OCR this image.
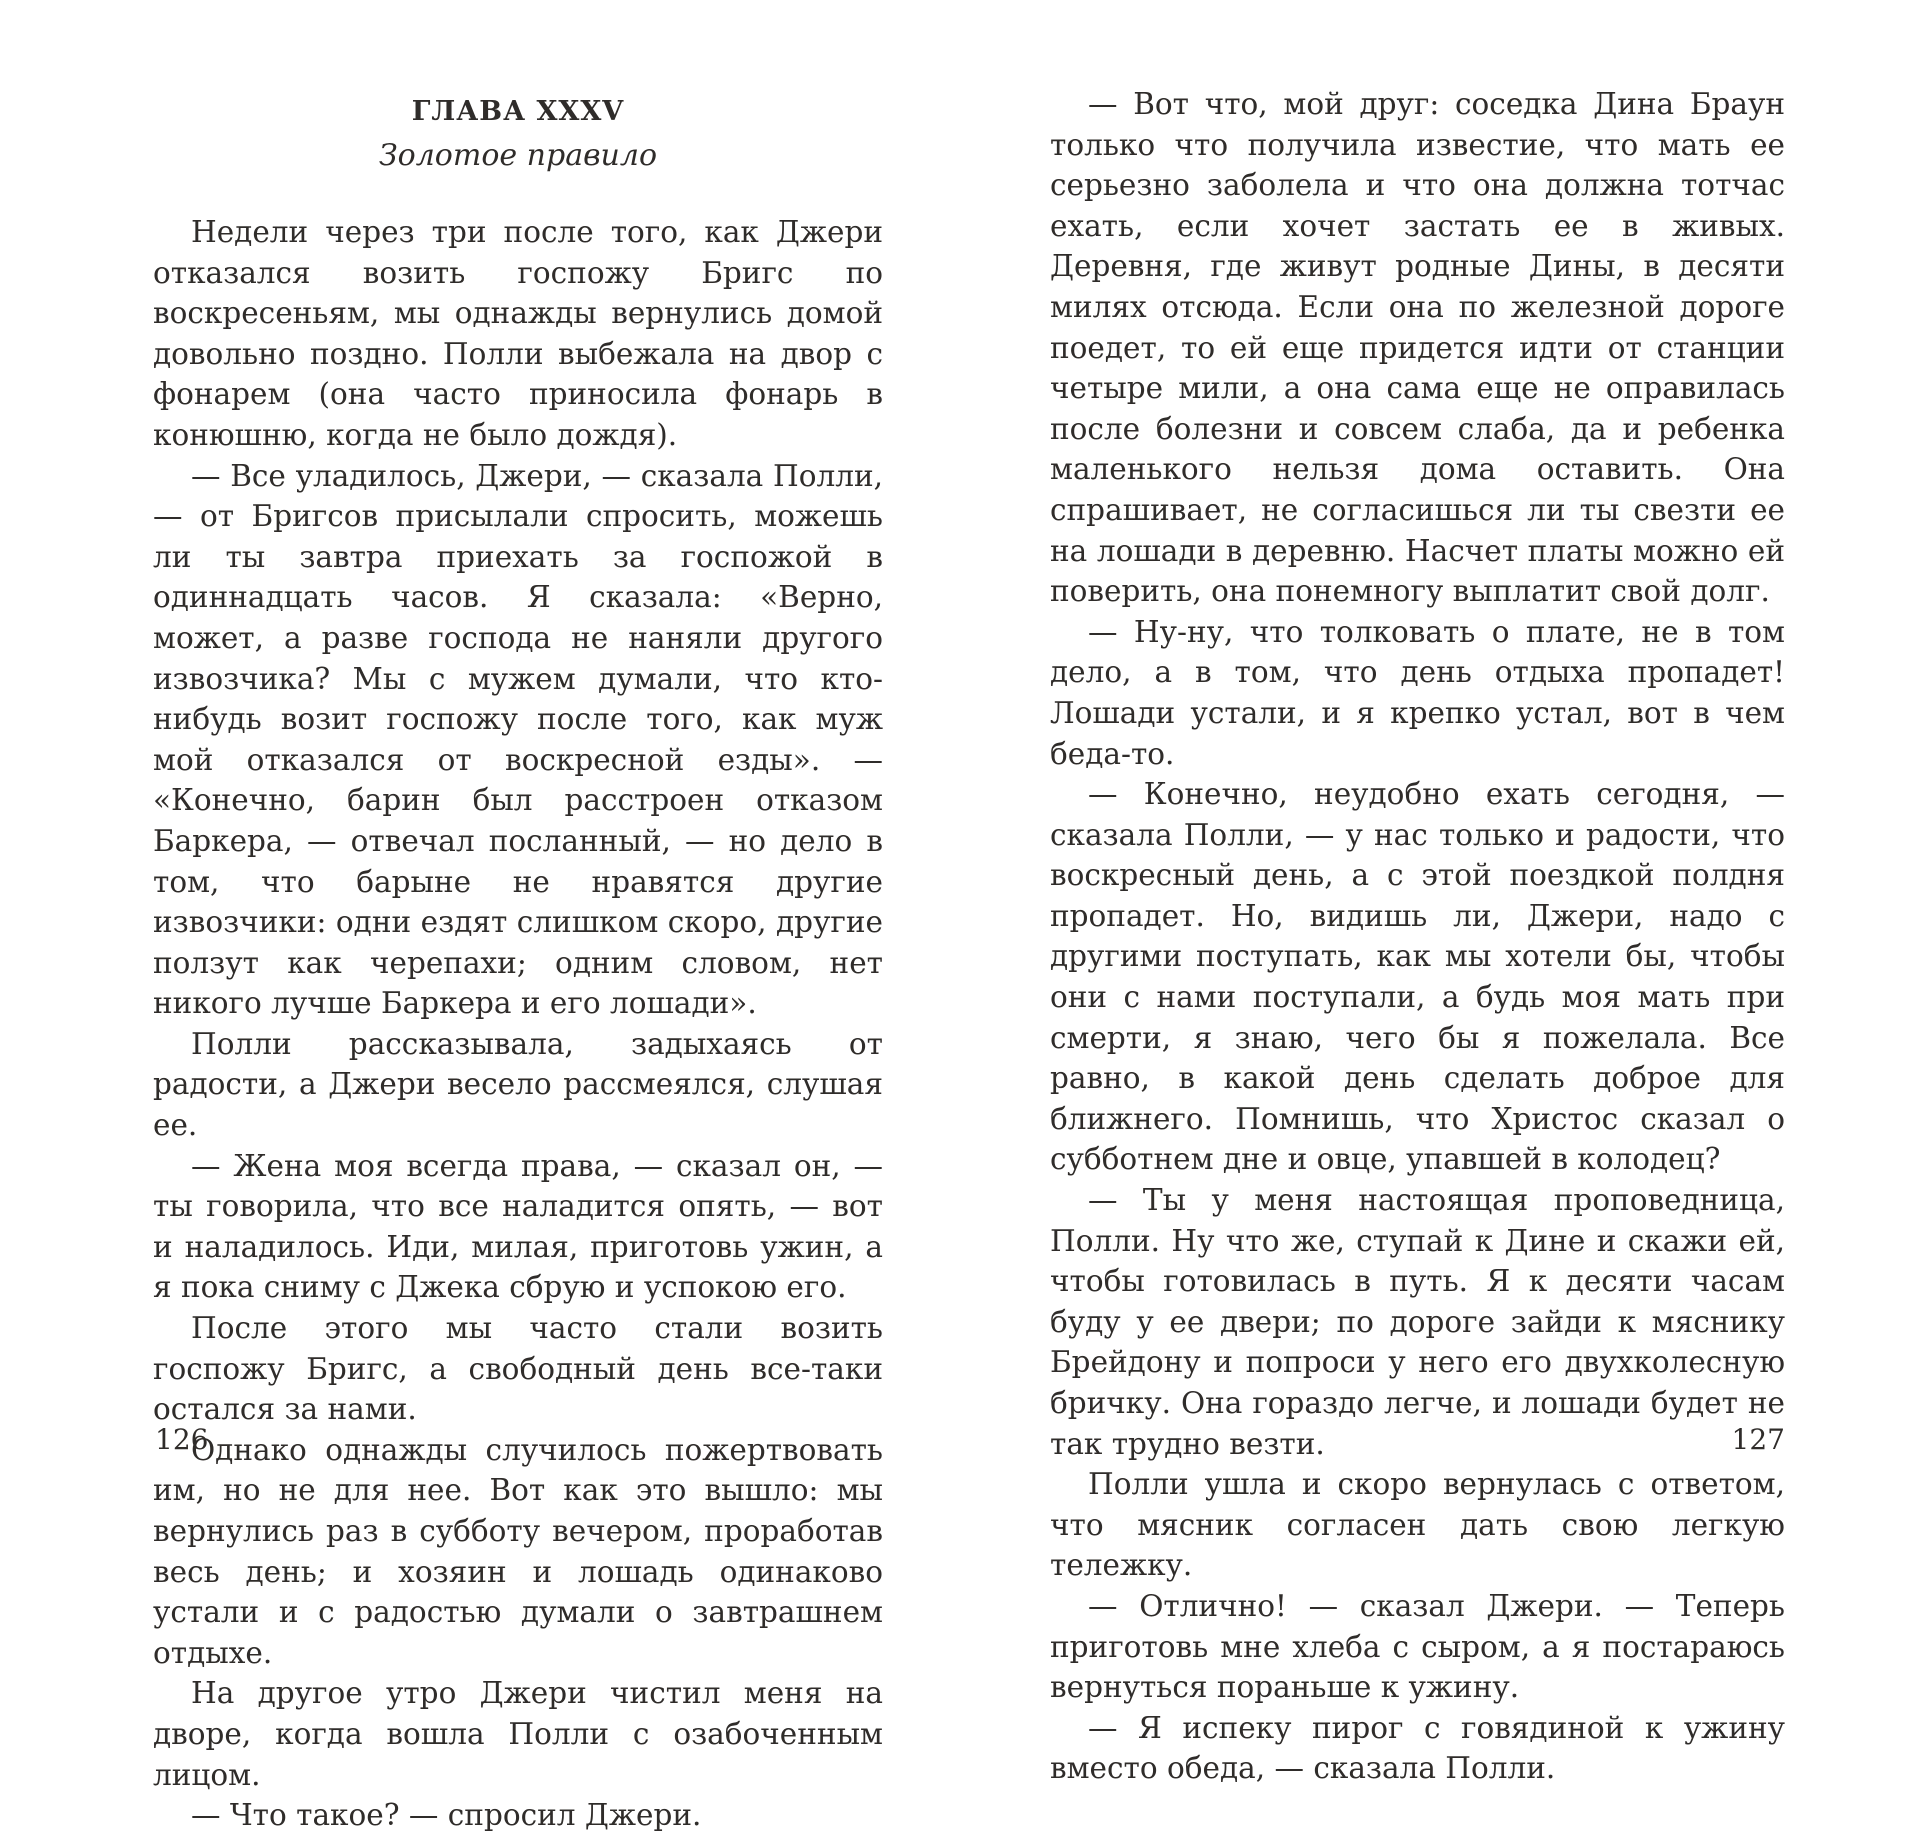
ГЛАВА XXXV

Золотое правило

Недели через три после того, как Джери отказался возить госпожу Бригс по воскресеньям, мы однажды вернулись домой довольно поздно. Полли выбежала на двор с фонарем (она часто приносила фонарь в конюшню, когда не было дождя).

— Все уладилось, Джери, — сказала Полли, — от Бригсов присылали спросить, можешь ли ты завтра приехать за госпожой в одиннадцать часов. Я сказала: «Верно, может, а разве господа не наняли другого извозчика? Мы с мужем думали, что кто-нибудь возит госпожу после того, как муж мой отказался от воскресной езды». — «Конечно, барин был расстроен отказом Баркера, — отвечал посланный, — но дело в том, что барыне не нравятся другие извозчики: одни ездят слишком скоро, другие ползут как черепахи; одним словом, нет никого лучше Баркера и его лошади».

Полли рассказывала, задыхаясь от радости, а Джери весело рассмеялся, слушая ее.

— Жена моя всегда права, — сказал он, — ты говорила, что все наладится опять, — вот и наладилось. Иди, милая, приготовь ужин, а я пока сниму с Джека сбрую и успокою его.

После этого мы часто стали возить госпожу Бригс, а свободный день все-таки остался за нами.

Однако однажды случилось пожертвовать им, но не для нее. Вот как это вышло: мы вернулись раз в субботу вечером, проработав весь день; и хозяин и лошадь одинаково устали и с радостью думали о завтрашнем отдыхе.

На другое утро Джери чистил меня на дворе, когда вошла Полли с озабоченным лицом.

— Что такое? — спросил Джери.

126

— Вот что, мой друг: соседка Дина Браун только что получила известие, что мать ее серьезно заболела и что она должна тотчас ехать, если хочет застать ее в живых. Деревня, где живут родные Дины, в десяти милях отсюда. Если она по железной дороге поедет, то ей еще придется идти от станции четыре мили, а она сама еще не оправилась после болезни и совсем слаба, да и ребенка маленького нельзя дома оставить. Она спрашивает, не согласишься ли ты свезти ее на лошади в деревню. Насчет платы можно ей поверить, она понемногу выплатит свой долг.

— Ну-ну, что толковать о плате, не в том дело, а в том, что день отдыха пропадет! Лошади устали, и я крепко устал, вот в чем беда-то.

— Конечно, неудобно ехать сегодня, — сказала Полли, — у нас только и радости, что воскресный день, а с этой поездкой полдня пропадет. Но, видишь ли, Джери, надо с другими поступать, как мы хотели бы, чтобы они с нами поступали, а будь моя мать при смерти, я знаю, чего бы я пожелала. Все равно, в какой день сделать доброе для ближнего. Помнишь, что Христос сказал о субботнем дне и овце, упавшей в колодец?

— Ты у меня настоящая проповедница, Полли. Ну что же, ступай к Дине и скажи ей, чтобы готовилась в путь. Я к десяти часам буду у ее двери; по дороге зайди к мяснику Брейдону и попроси у него его двухколесную бричку. Она гораздо легче, и лошади будет не так трудно везти.

Полли ушла и скоро вернулась с ответом, что мясник согласен дать свою легкую тележку.

— Отлично! — сказал Джери. — Теперь приготовь мне хлеба с сыром, а я постараюсь вернуться пораньше к ужину.

— Я испеку пирог с говядиной к ужину вместо обеда, — сказала Полли.

127
